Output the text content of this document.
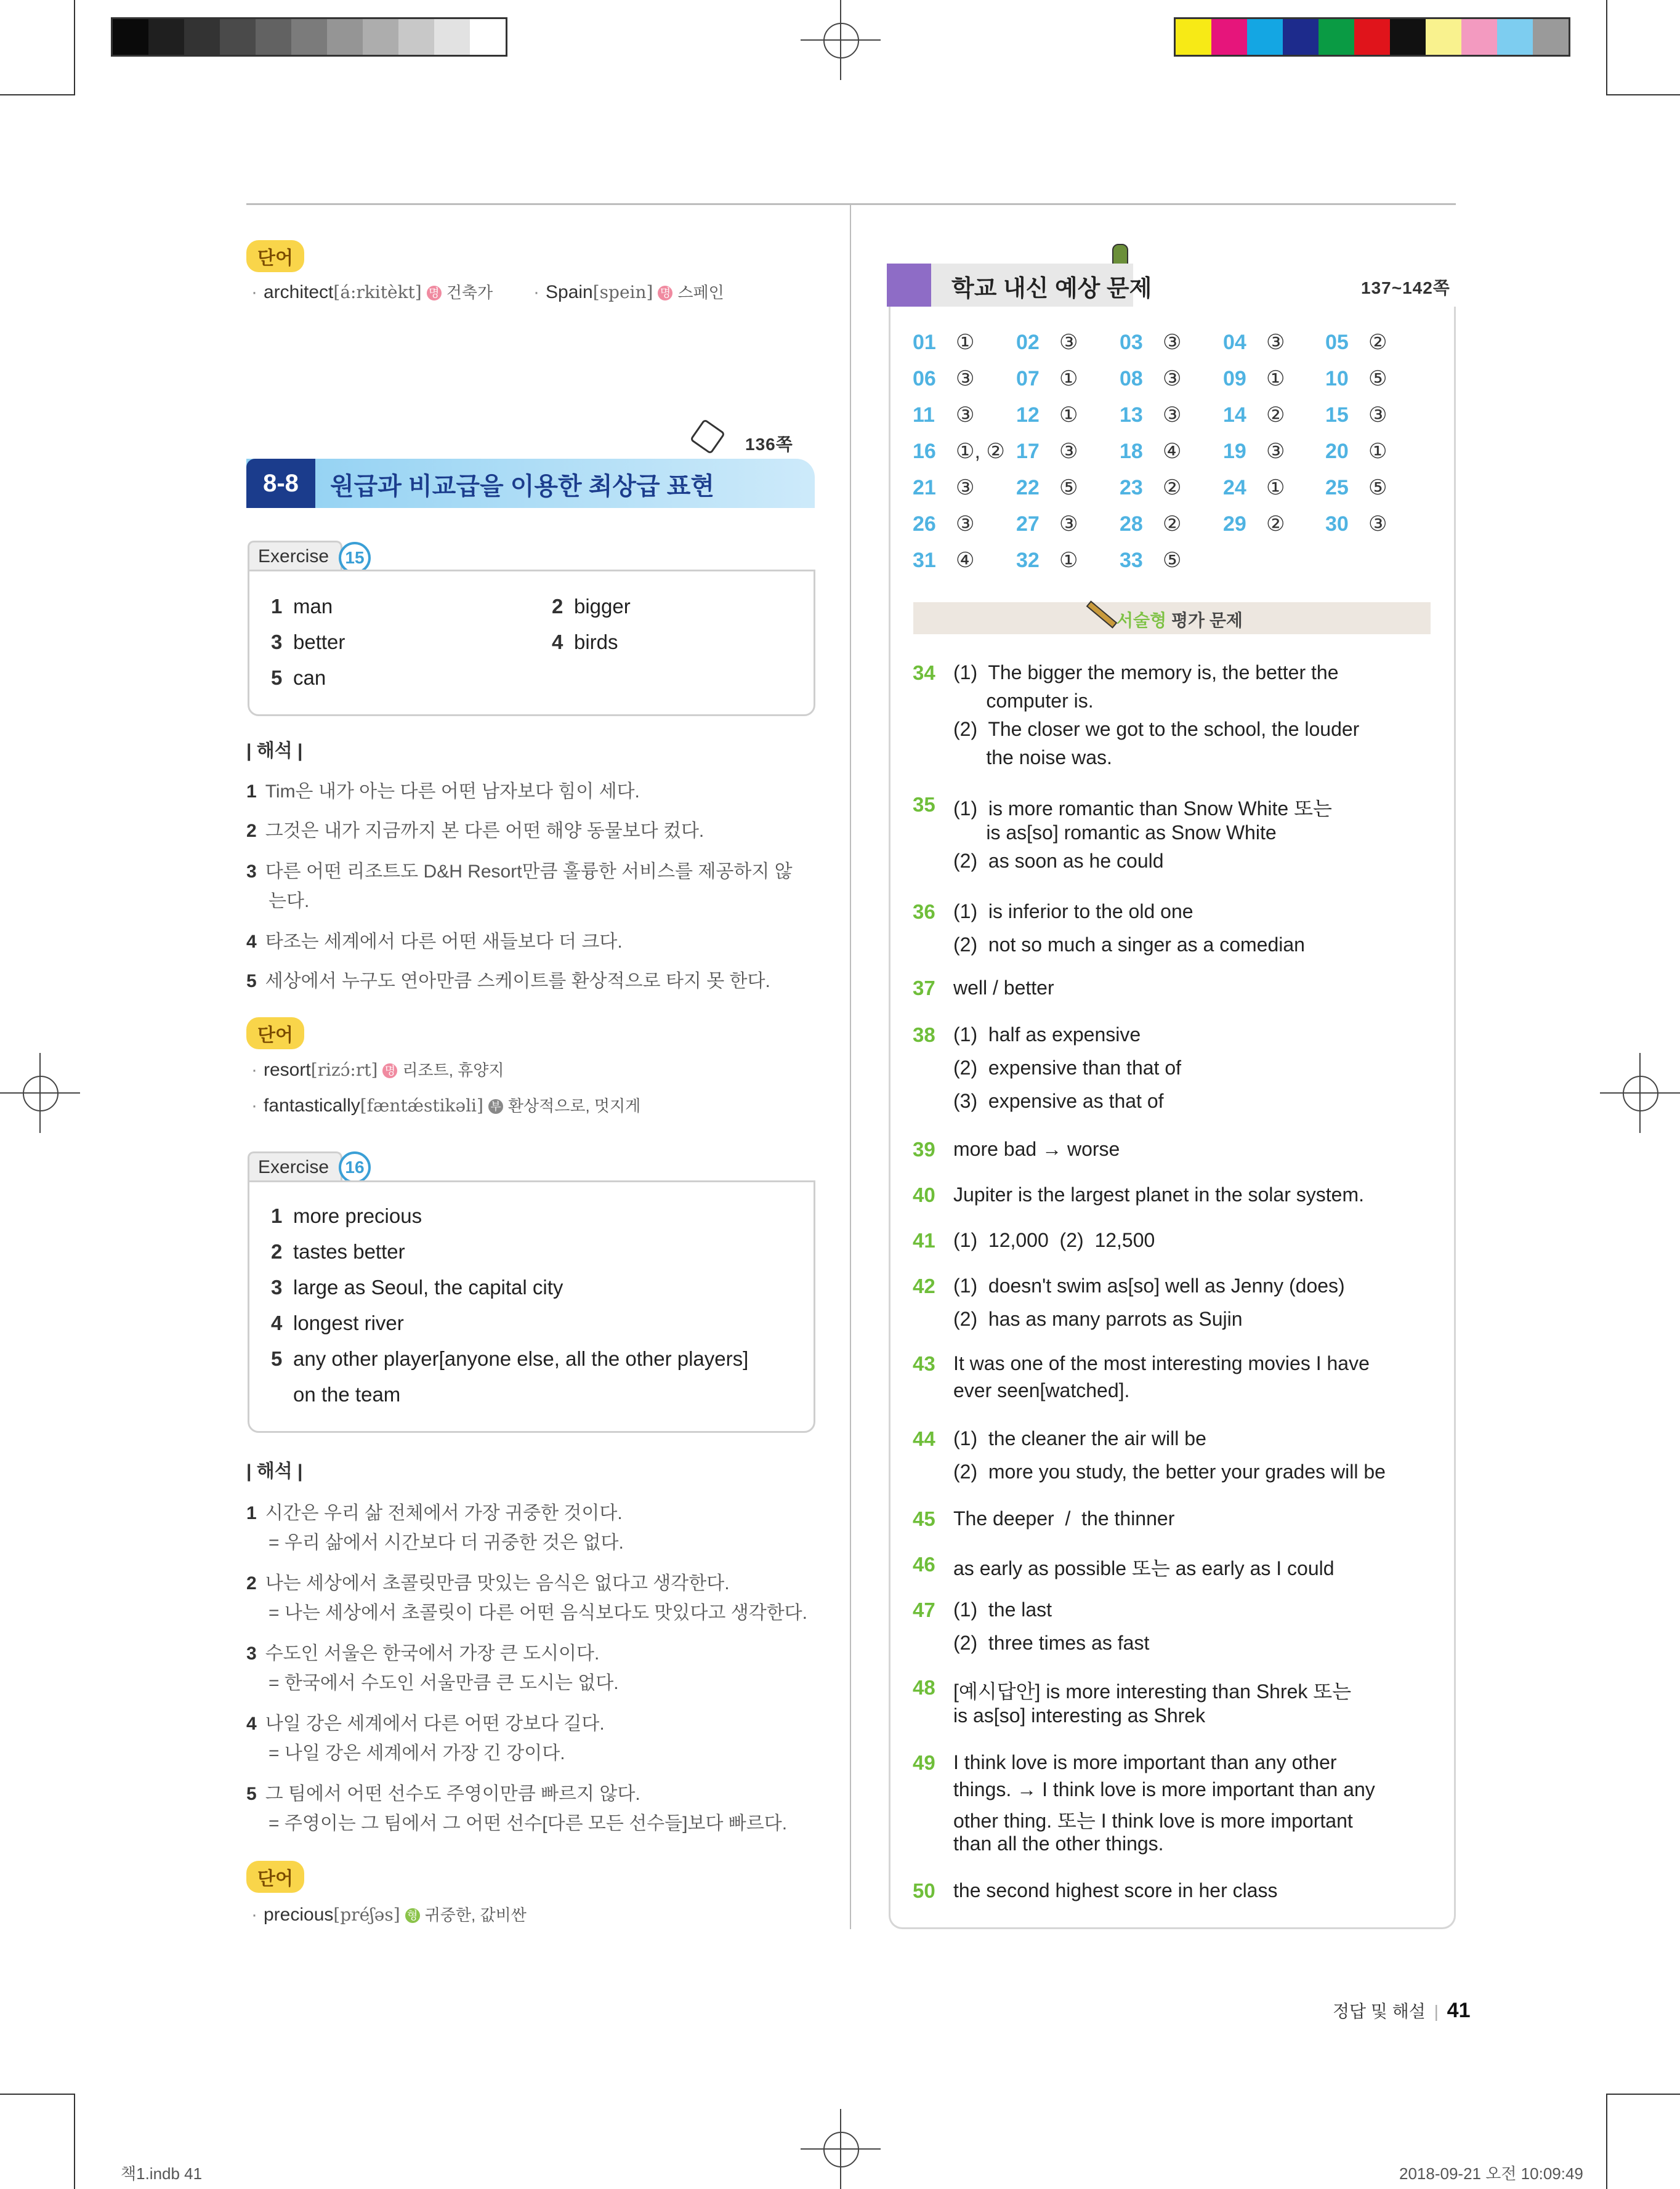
책1.indb 41	2018-09-21 오전 10:09:49
단어
· architect[á:rkitèkt] 명 건축가 · Spain[spein] 명 스페인
136쪽
8-8	원급과 비교급을 이용한 최상급 표현
Exercise 15
1 man	2 bigger
3 better	4 birds
5 can
| 해석 |
1 Tim은 내가 아는 다른 어떤 남자보다 힘이 세다.
2 그것은 내가 지금까지 본 다른 어떤 해양 동물보다 컸다.
3 다른 어떤 리조트도 D&H Resort만큼 훌륭한 서비스를 제공하지 않
는다.
4 타조는 세계에서 다른 어떤 새들보다 더 크다.
5 세상에서 누구도 연아만큼 스케이트를 환상적으로 타지 못 한다.
단어
· resort[rizɔ́:rt] 명 리조트, 휴양지
· fantastically[fæntǽstikəli] 부 환상적으로, 멋지게
Exercise 16
1 more precious
2 tastes better
3 large as Seoul, the capital city
4 longest river
5 any other player[anyone else, all the other players]
on the team
| 해석 |
1 시간은 우리 삶 전체에서 가장 귀중한 것이다.
= 우리 삶에서 시간보다 더 귀중한 것은 없다.
2 나는 세상에서 초콜릿만큼 맛있는 음식은 없다고 생각한다.
= 나는 세상에서 초콜릿이 다른 어떤 음식보다도 맛있다고 생각한다.
3 수도인 서울은 한국에서 가장 큰 도시이다.
= 한국에서 수도인 서울만큼 큰 도시는 없다.
4 나일 강은 세계에서 다른 어떤 강보다 길다.
= 나일 강은 세계에서 가장 긴 강이다.
5 그 팀에서 어떤 선수도 주영이만큼 빠르지 않다.
= 주영이는 그 팀에서 그 어떤 선수[다른 모든 선수들]보다 빠르다.
단어
· precious[préʃəs] 형 귀중한, 값비싼
학교 내신 예상 문제	137~142쪽
01 ① 02 ③ 03 ③ 04 ③ 05 ②
06 ③ 07 ① 08 ③ 09 ① 10 ⑤
11 ③ 12 ① 13 ③ 14 ② 15 ③
16 ①, ② 17 ③ 18 ④ 19 ③ 20 ①
21 ③ 22 ⑤ 23 ② 24 ① 25 ⑤
26 ③ 27 ③ 28 ② 29 ② 30 ③
31 ④ 32 ① 33 ⑤
서술형 평가 문제
34 (1)  The bigger the memory is, the better the
computer is.
(2)  The closer we got to the school, the louder
the noise was.
35 (1)  is more romantic than Snow White 또는
is as[so] romantic as Snow White
(2)  as soon as he could
36 (1)  is inferior to the old one
(2)  not so much a singer as a comedian
37 well / better
38 (1)  half as expensive
(2)  expensive than that of
(3)  expensive as that of
39 more bad → worse
40 Jupiter is the largest planet in the solar system.
41 (1)  12,000  (2)  12,500
42 (1)  doesn't swim as[so] well as Jenny (does)
(2)  has as many parrots as Sujin
43 It was one of the most interesting movies I have
ever seen[watched].
44 (1)  the cleaner the air will be
(2)  more you study, the better your grades will be
45 The deeper  /  the thinner
46 as early as possible 또는 as early as I could
47 (1)  the last
(2)  three times as fast
48 [예시답안] is more interesting than Shrek 또는
is as[so] interesting as Shrek
49 I think love is more important than any other
things. → I think love is more important than any
other thing. 또는 I think love is more important
than all the other things.
50 the second highest score in her class
정답 및 해설 | 41
